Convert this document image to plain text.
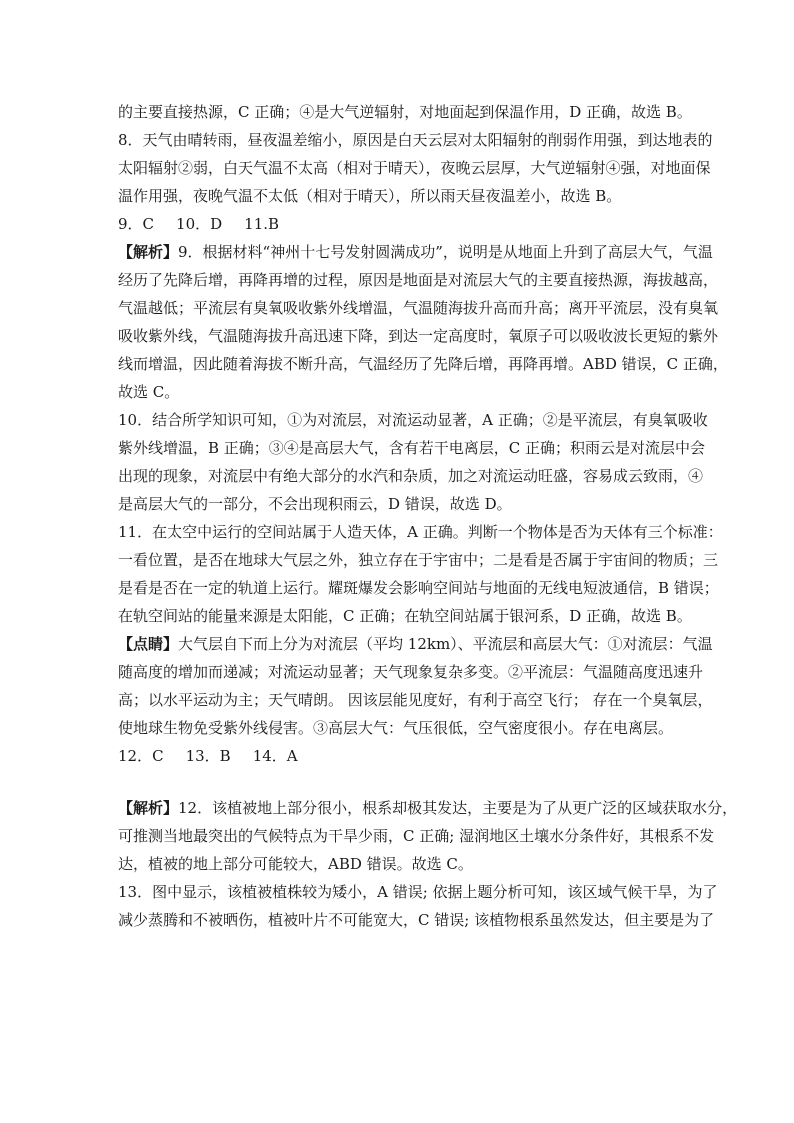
的主要直接热源，C 正确；④是大气逆辐射，对地面起到保温作用，D 正确，故选 B。
8．天气由晴转雨，昼夜温差缩小，原因是白天云层对太阳辐射的削弱作用强，到达地表的
太阳辐射②弱，白天气温不太高（相对于晴天），夜晚云层厚，大气逆辐射④强，对地面保
温作用强，夜晚气温不太低（相对于晴天），所以雨天昼夜温差小，故选 B。
9．C 10．D 11.B
【解析】9．根据材料“神州十七号发射圆满成功”，说明是从地面上升到了高层大气，气温
经历了先降后增，再降再增的过程，原因是地面是对流层大气的主要直接热源，海拔越高，
气温越低；平流层有臭氧吸收紫外线增温，气温随海拔升高而升高；离开平流层，没有臭氧
吸收紫外线，气温随海拔升高迅速下降，到达一定高度时，氧原子可以吸收波长更短的紫外
线而增温，因此随着海拔不断升高，气温经历了先降后增，再降再增。ABD 错误，C 正确，
故选 C。
10．结合所学知识可知，①为对流层，对流运动显著，A 正确；②是平流层，有臭氧吸收
紫外线增温，B 正确；③④是高层大气，含有若干电离层，C 正确；积雨云是对流层中会
出现的现象，对流层中有绝大部分的水汽和杂质，加之对流运动旺盛，容易成云致雨，④
是高层大气的一部分，不会出现积雨云，D 错误，故选 D。
11．在太空中运行的空间站属于人造天体，A 正确。判断一个物体是否为天体有三个标准：
一看位置，是否在地球大气层之外，独立存在于宇宙中；二是看是否属于宇宙间的物质；三
是看是否在一定的轨道上运行。耀斑爆发会影响空间站与地面的无线电短波通信，B 错误；
在轨空间站的能量来源是太阳能，C 正确；在轨空间站属于银河系，D 正确，故选 B。
【点睛】大气层自下而上分为对流层（平均 12km）、平流层和高层大气：①对流层：气温
随高度的增加而递减；对流运动显著；天气现象复杂多变。②平流层：气温随高度迅速升
高；以水平运动为主；天气晴朗。 因该层能见度好，有利于高空飞行； 存在一个臭氧层，
使地球生物免受紫外线侵害。③高层大气：气压很低，空气密度很小。存在电离层。
12．C 13．B 14．A
【解析】12．该植被地上部分很小，根系却极其发达，主要是为了从更广泛的区域获取水分，
可推测当地最突出的气候特点为干旱少雨，C 正确; 湿润地区土壤水分条件好，其根系不发
达，植被的地上部分可能较大，ABD 错误。故选 C。
13．图中显示，该植被植株较为矮小，A 错误; 依据上题分析可知，该区域气候干旱，为了
减少蒸腾和不被晒伤，植被叶片不可能宽大，C 错误; 该植物根系虽然发达，但主要是为了
